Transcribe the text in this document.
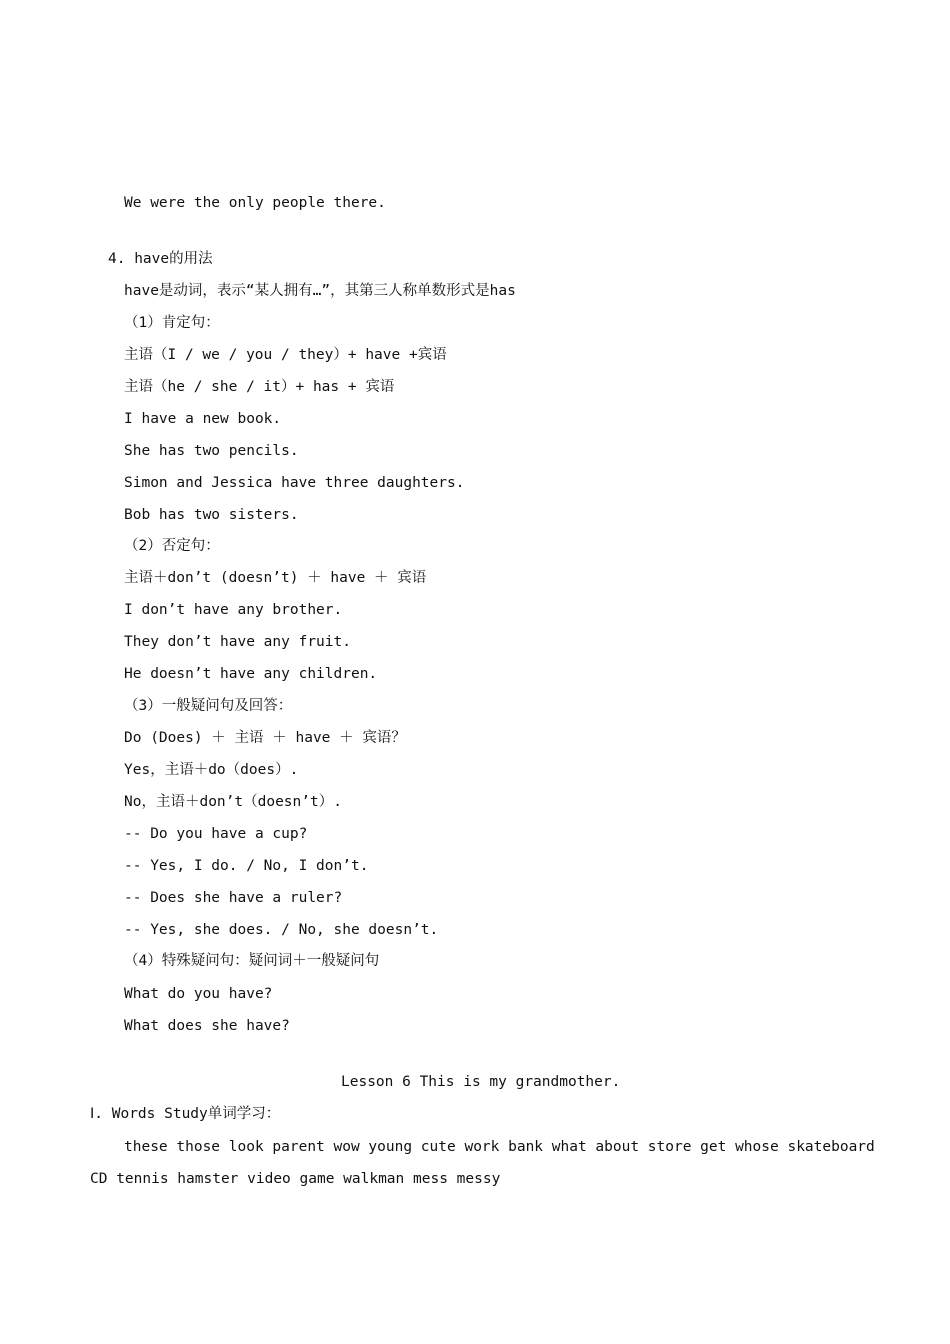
We were the only people there.
4. have的用法
have是动词，表示“某人拥有…”，其第三人称单数形式是has
（1）肯定句：
主语（I / we / you / they）+ have +宾语
主语（he / she / it）+ has + 宾语
I have a new book.
She has two pencils.
Simon and Jessica have three daughters.
Bob has two sisters.
（2）否定句：
主语＋don’t (doesn’t) ＋ have ＋ 宾语
I don’t have any brother.
They don’t have any fruit.
He doesn’t have any children.
（3）一般疑问句及回答：
Do (Does) ＋ 主语 ＋ have ＋ 宾语？
Yes，主语＋do（does）.
No，主语＋don’t（doesn’t）.
-- Do you have a cup?
-- Yes, I do. / No, I don’t.
-- Does she have a ruler?
-- Yes, she does. / No, she doesn’t.
（4）特殊疑问句：疑问词＋一般疑问句
What do you have?
What does she have?
Lesson 6 This is my grandmother.
Ⅰ. Words Study单词学习：
these those look parent wow young cute work bank what about store get whose skateboard
CD tennis hamster video game walkman mess messy
